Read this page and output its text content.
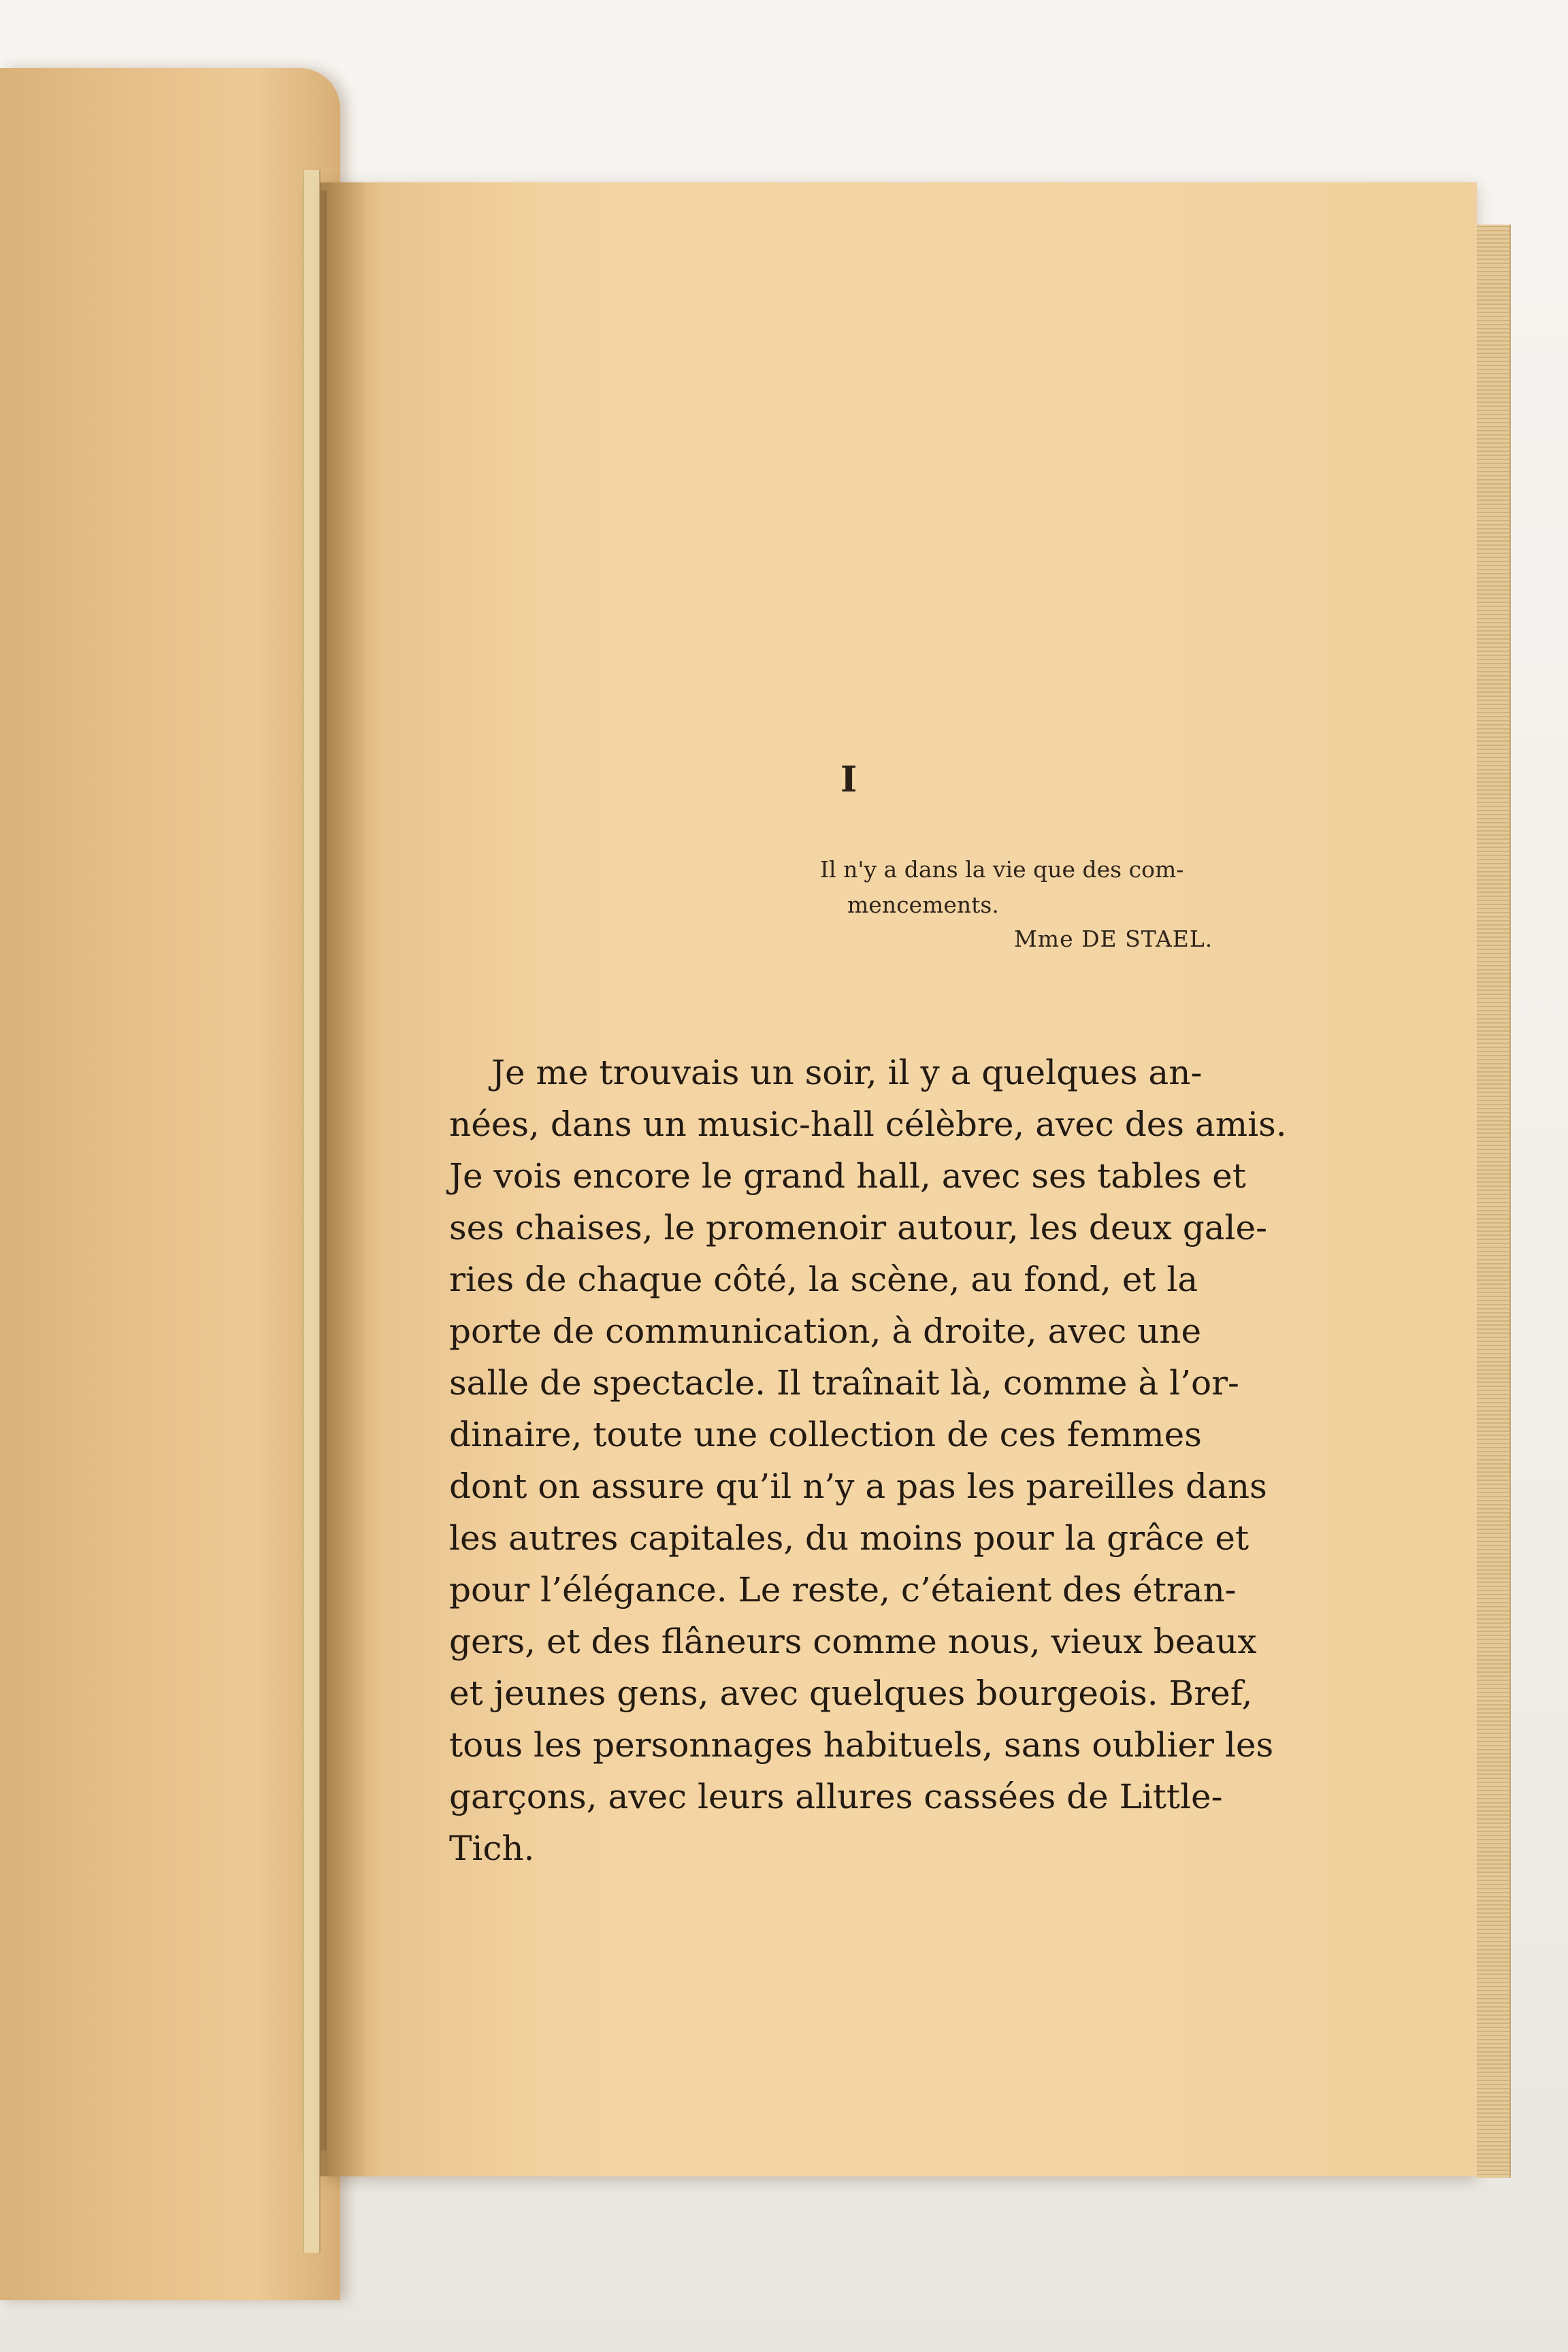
I
Il n'y a dans la vie que des com-
mencements.
Mme DE STAEL.
Je me trouvais un soir, il y a quelques an-
nées, dans un music-hall célèbre, avec des amis.
Je vois encore le grand hall, avec ses tables et
ses chaises, le promenoir autour, les deux gale-
ries de chaque côté, la scène, au fond, et la
porte de communication, à droite, avec une
salle de spectacle. Il traînait là, comme à l’or-
dinaire, toute une collection de ces femmes
dont on assure qu’il n’y a pas les pareilles dans
les autres capitales, du moins pour la grâce et
pour l’élégance. Le reste, c’étaient des étran-
gers, et des flâneurs comme nous, vieux beaux
et jeunes gens, avec quelques bourgeois. Bref,
tous les personnages habituels, sans oublier les
garçons, avec leurs allures cassées de Little-
Tich.
